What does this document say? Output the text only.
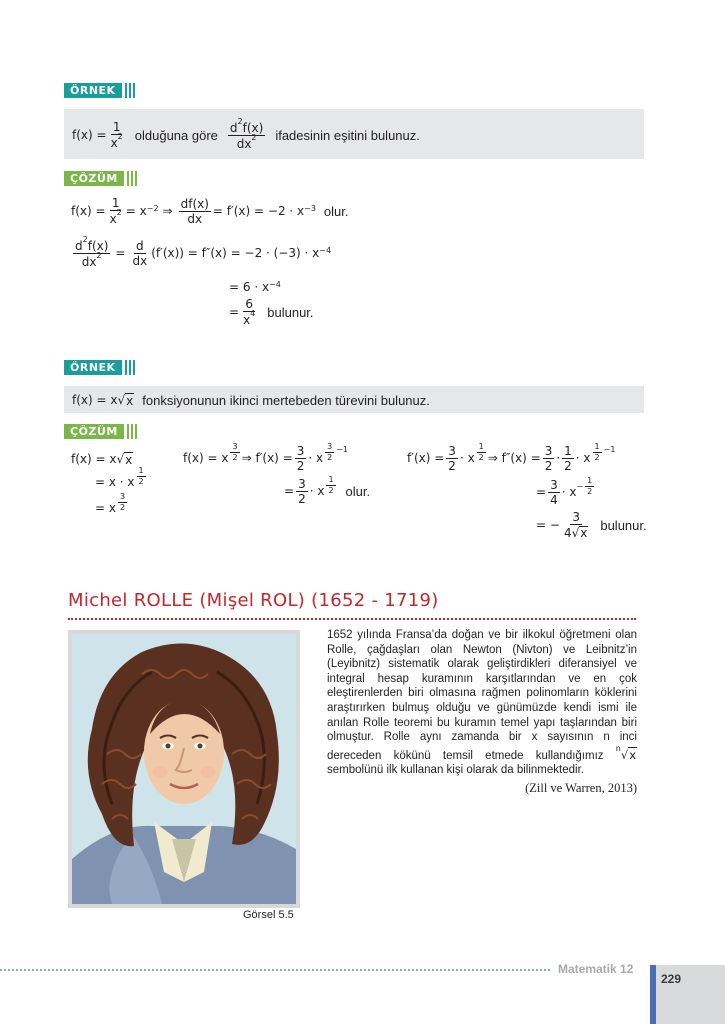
ÖRNEK
$f(x) = \frac{1}{x^2}$ olduğuna göre $\frac{d^2f(x)}{dx^2}$ ifadesinin eşitini bulunuz.
ÇÖZÜM
$f(x) = \frac{1}{x^2} = x^{-2}$ ⇒ $\frac{df(x)}{dx} = f'(x) = -2 \cdot x^{-3}$ olur.
$\frac{d^2f(x)}{dx^2} = \frac{d}{dx} (f'(x)) = f''(x) = -2 \cdot (-3) \cdot x^{-4}$
= $6 \cdot x^{-4}$
= $\frac{6}{x^4}$ bulunur.
ÖRNEK
f(x) = x √ x fonksiyonunun ikinci mertebeden türevini bulunuz.
ÇÖZÜM
f(x) = x √ x
= x · x $\frac{1}{2}$
= x $\frac{3}{2}$
f(x) = x $\frac{3}{2}$ ⇒ $f'(x) = \frac{3}{2} \cdot x \frac{3}{2} -1$
= $\frac{3}{2} \cdot x \frac{1}{2}$ olur.
$f'(x) = \frac{3}{2} \cdot x \frac{1}{2}$ ⇒ $f''(x) = \frac{3}{2} \cdot \frac{1}{2} \cdot x \frac{1}{2} -1$
= $\frac{3}{4} \cdot x - \frac{1}{2}$
= − $\frac{3}{4√x}$ bulunur.
Michel ROLLE (Mişel ROL) (1652 - 1719)
Görsel 5.5
1652 yılında Fransa’da doğan ve bir ilkokul öğretmeni olan Rolle, çağdaşları olan Newton (Nivton) ve Leibnitz’in (Leyibnitz) sistematik olarak geliştirdikleri diferansiyel ve integral hesap kuramının karşıtlarından ve en çok eleştirenlerden biri olmasına rağmen polinomların köklerini araştırırken bulmuş olduğu ve günümüzde kendi ismi ile anılan Rolle teoremi bu kuramın temel yapı taşlarından biri olmuştur. Rolle aynı zamanda bir x sayısının n inci dereceden kökünü temsil etmede kullandığımız $^n$√x sembolünü ilk kullanan kişi olarak da bilinmektedir.
(Zill ve Warren, 2013)
Matematik 12
229
